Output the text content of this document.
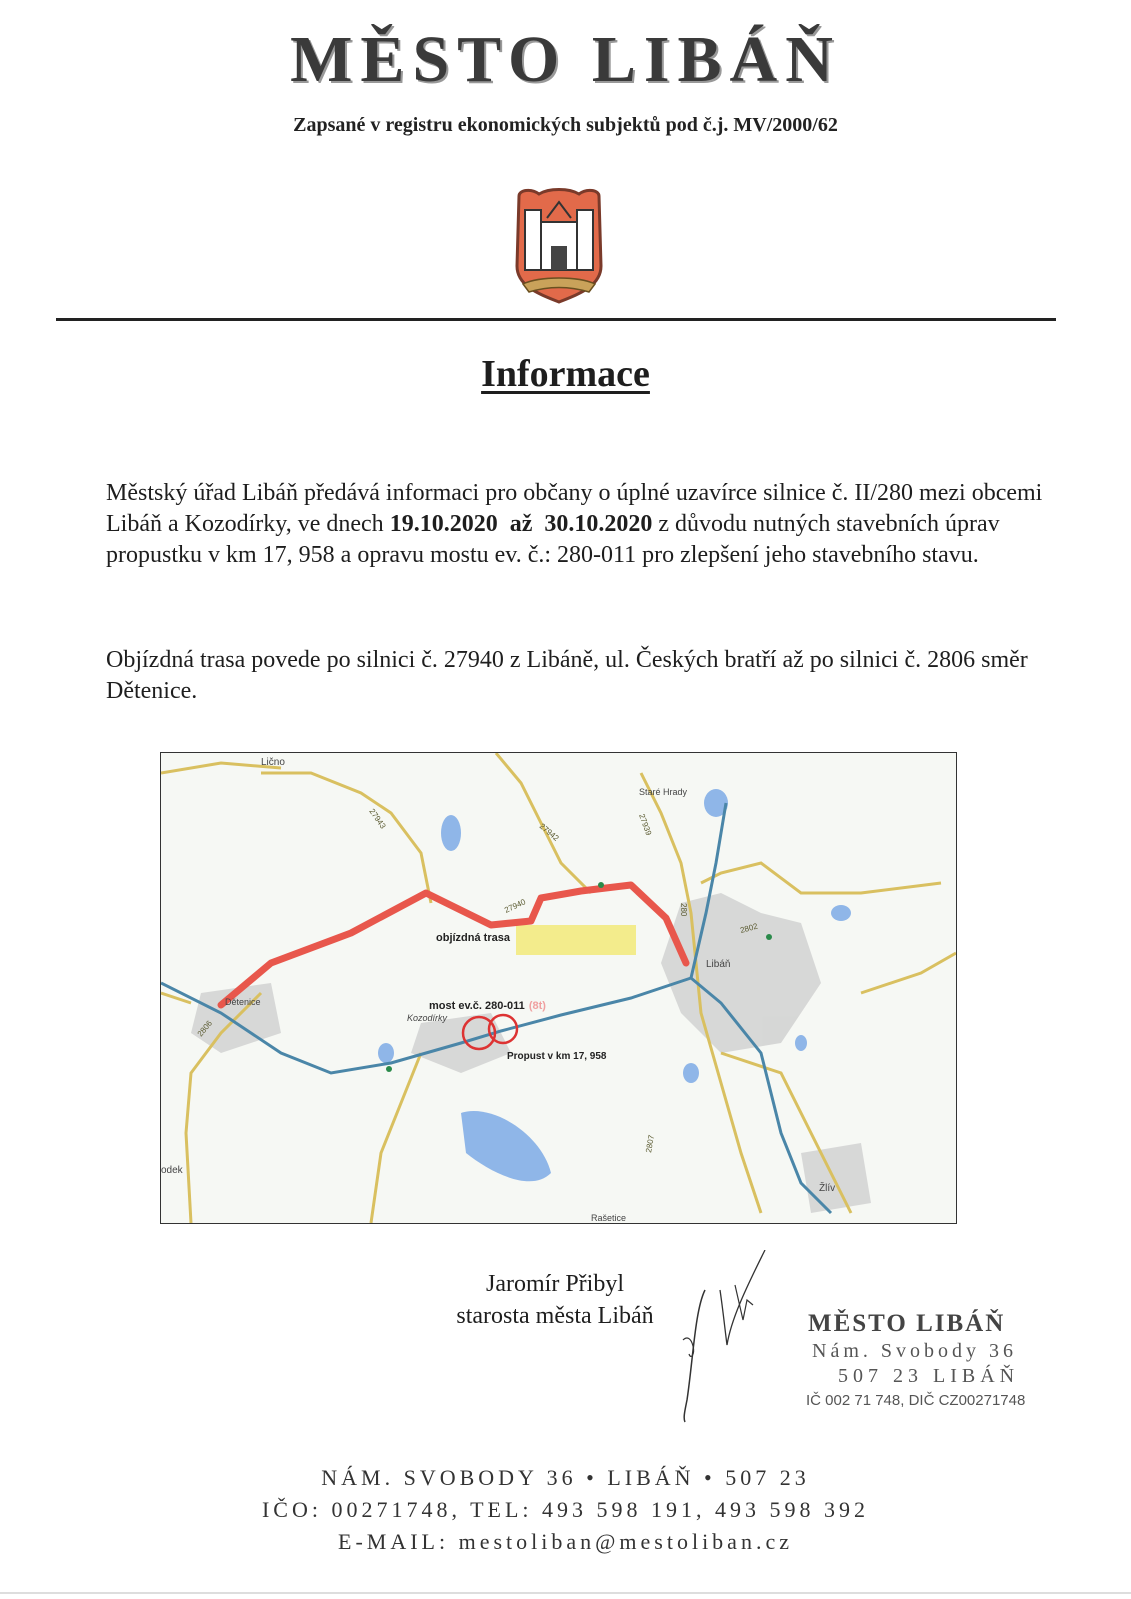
MĚSTO LIBÁŇ
Zapsané v registru ekonomických subjektů pod č.j. MV/2000/62
Informace
Městský úřad Libáň předává informaci pro občany o úplné uzavírce silnice č. II/280 mezi obcemi Libáň a Kozodírky, ve dnech 19.10.2020 až 30.10.2020 z důvodu nutných stavebních úprav propustku v km 17, 958 a opravu mostu ev. č.: 280-011 pro zlepšení jeho stavebního stavu.
Objízdná trasa povede po silnici č. 27940 z Libáně, ul. Českých bratří až po silnici č. 2806 směr Dětenice.
Lično
Staré Hrady
Libáň
Dětenice
Kozodírky
Žlív
odek
Rašetice
27943
27942	27939
27940	280
2802
2806
2807
objízdná trasa
most ev.č. 280-011 (8t)
Propust v km 17, 958
Jaromír Přibyl
starosta města Libáň	MĚSTO LIBÁŇ
Nám. Svobody 36
507 23 LIBÁŇ
IČ 002 71 748, DIČ CZ00271748
NÁM. SVOBODY 36 • LIBÁŇ • 507 23
IČO: 00271748, TEL: 493 598 191, 493 598 392
E-MAIL: mestoliban@mestoliban.cz
